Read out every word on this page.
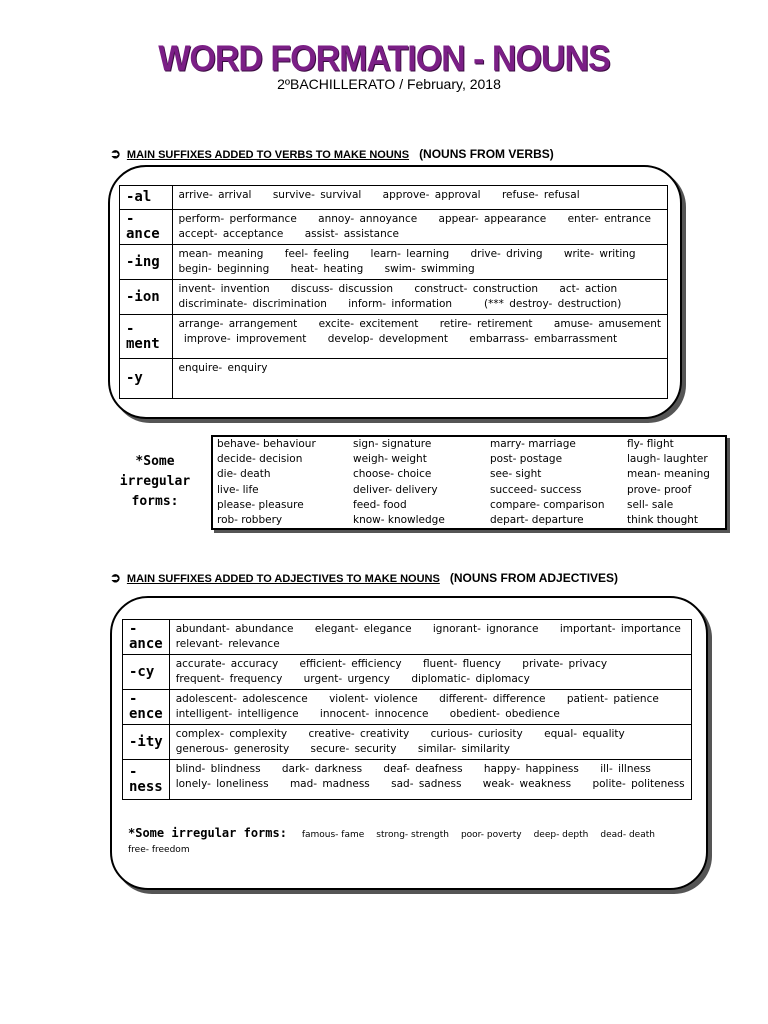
WORD FORMATION - NOUNS
2ºBACHILLERATO / February, 2018
➲ MAIN SUFFIXES ADDED TO VERBS TO MAKE NOUNS (NOUNS FROM VERBS)
-al	arrive- arrival    survive- survival    approve- approval    refuse- refusal

-ance	perform- performance    annoy- annoyance    appear- appearance    enter- entrance
accept- acceptance    assist- assistance

-ing	mean- meaning    feel- feeling    learn- learning    drive- driving    write- writing
begin- beginning    heat- heating    swim- swimming

-ion	invent- invention    discuss- discussion    construct- construction    act- action
discriminate- discrimination    inform- information      (*** destroy- destruction)

-ment	arrange- arrangement    excite- excitement    retire- retirement    amuse- amusement
improve- improvement    develop- development    embarrass- embarrassment

-y	enquire- enquiry
*Some irregular forms:
behave- behaviour	sign- signature	marry- marriage	fly- flight
decide- decision	weigh- weight	post- postage	laugh- laughter
die- death	choose- choice	see- sight	mean- meaning
live- life	deliver- delivery	succeed- success	prove- proof
please- pleasure	feed- food	compare- comparison	sell- sale
rob- robbery	know- knowledge	depart- departure	think thought
➲ MAIN SUFFIXES ADDED TO ADJECTIVES TO MAKE NOUNS (NOUNS FROM ADJECTIVES)
-ance	abundant- abundance    elegant- elegance    ignorant- ignorance    important- importance
relevant- relevance

-cy	accurate- accuracy    efficient- efficiency    fluent- fluency    private- privacy
frequent- frequency    urgent- urgency    diplomatic- diplomacy

-ence	adolescent- adolescence    violent- violence    different- difference    patient- patience
intelligent- intelligence    innocent- innocence    obedient- obedience

-ity	complex- complexity    creative- creativity    curious- curiosity    equal- equality
generous- generosity    secure- security    similar- similarity

-ness	blind- blindness    dark- darkness    deaf- deafness    happy- happiness    ill- illness
lonely- loneliness    mad- madness    sad- sadness    weak- weakness    polite- politeness
*Some irregular forms: famous- fame strong- strength poor- poverty deep- depth dead- death
free- freedom
